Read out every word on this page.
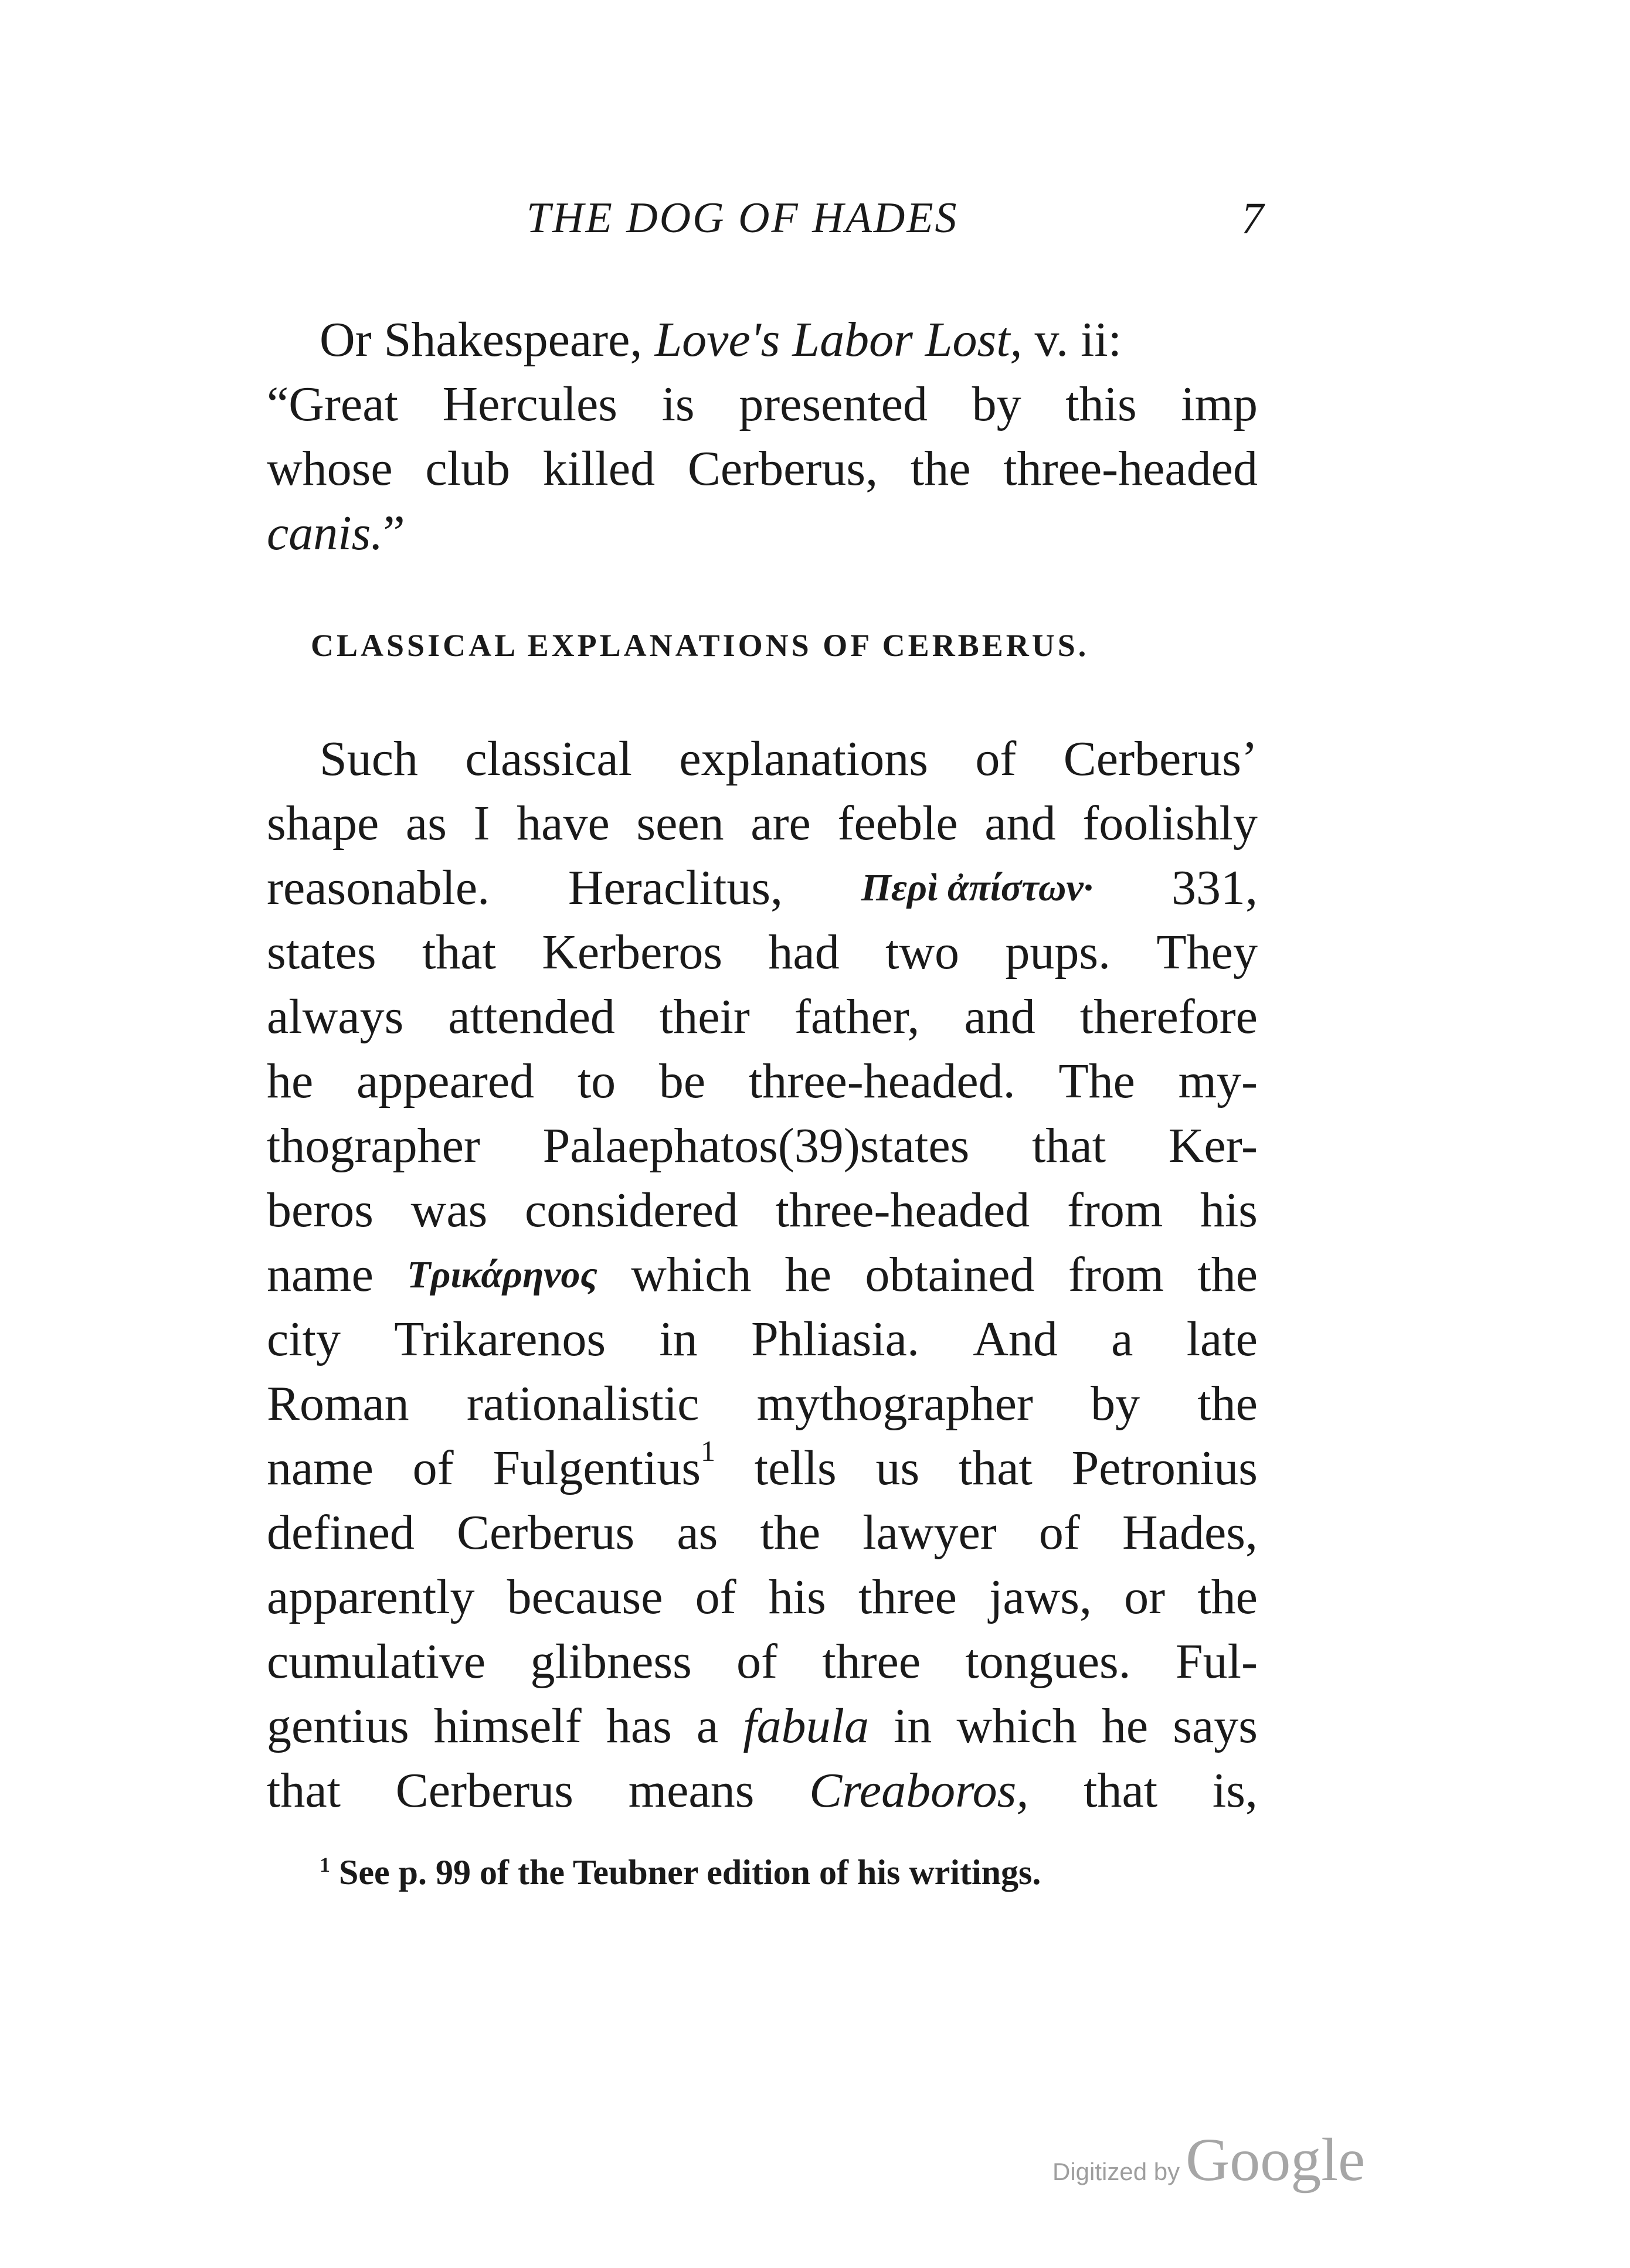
THE DOG OF HADES	7
Or Shakespeare, Love's Labor Lost, v. ii:
“Great Hercules is presented by this imp
whose club killed Cerberus, the three-headed
canis. ”
CLASSICAL EXPLANATIONS OF CERBERUS.
Such classical explanations of Cerberus’
shape as I have seen are feeble and foolishly
reasonable. Heraclitus, Περὶ ἀπίστων· 331,
states that Kerberos had two pups. They
always attended their father, and therefore
he appeared to be three-headed. The my-
thographer Palaephatos(39)states that Ker-
beros was considered three-headed from his
name Τρικάρηνος which he obtained from the
city Trikarenos in Phliasia. And a late
Roman rationalistic mythographer by the
name of Fulgentius$^1$ tells us that Petronius
defined Cerberus as the lawyer of Hades,
apparently because of his three jaws, or the
cumulative glibness of three tongues. Ful-
gentius himself has a fabula in which he says
that Cerberus means Creaboros, that is,
$^1$ See p. 99 of the Teubner edition of his writings.
Digitized by Google
